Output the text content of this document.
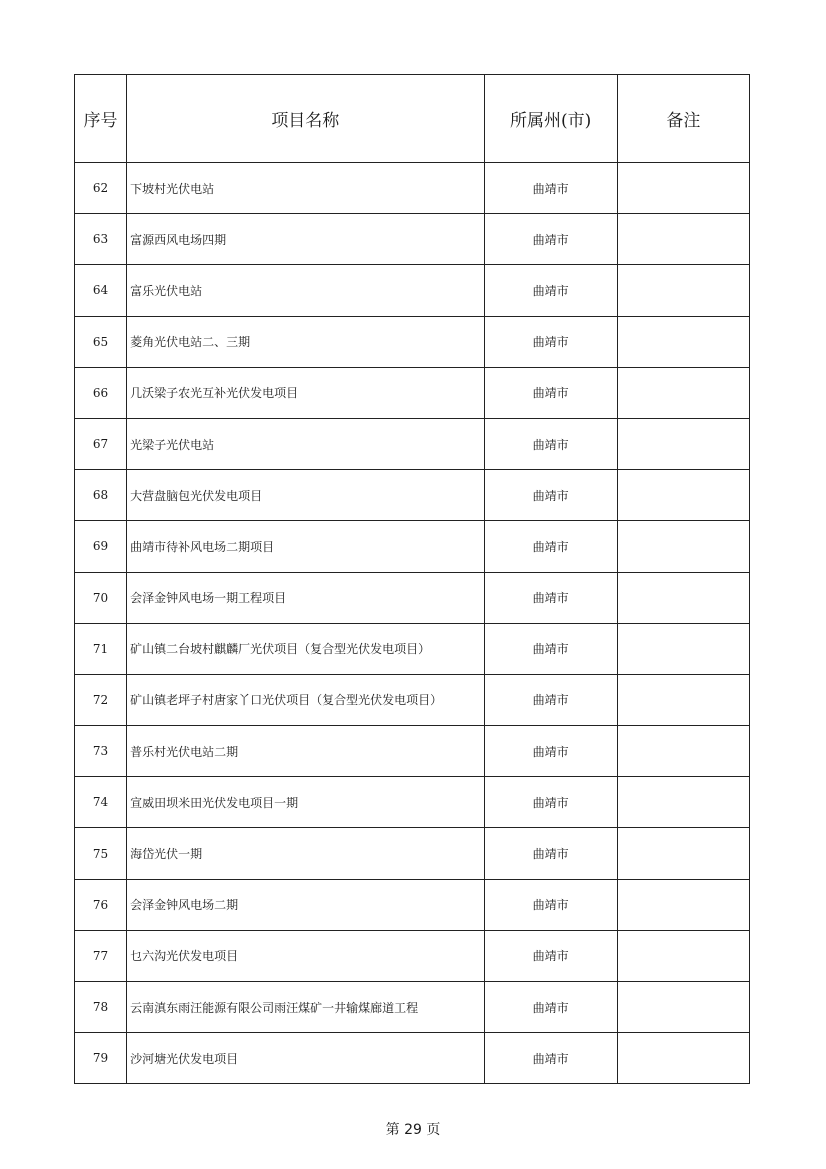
序号	项目名称	所属州(市)	备注
62	下坡村光伏电站	曲靖市	
63	富源西风电场四期	曲靖市	
64	富乐光伏电站	曲靖市	
65	菱角光伏电站二、三期	曲靖市	
66	几沃梁子农光互补光伏发电项目	曲靖市	
67	光梁子光伏电站	曲靖市	
68	大营盘脑包光伏发电项目	曲靖市	
69	曲靖市待补风电场二期项目	曲靖市	
70	会泽金钟风电场一期工程项目	曲靖市	
71	矿山镇二台坡村麒麟厂光伏项目（复合型光伏发电项目）	曲靖市	
72	矿山镇老坪子村唐家丫口光伏项目（复合型光伏发电项目）	曲靖市	
73	普乐村光伏电站二期	曲靖市	
74	宣威田坝米田光伏发电项目一期	曲靖市	
75	海岱光伏一期	曲靖市	
76	会泽金钟风电场二期	曲靖市	
77	乜六沟光伏发电项目	曲靖市	
78	云南滇东雨汪能源有限公司雨汪煤矿一井输煤廊道工程	曲靖市	
79	沙河塘光伏发电项目	曲靖市	
第 29 页
